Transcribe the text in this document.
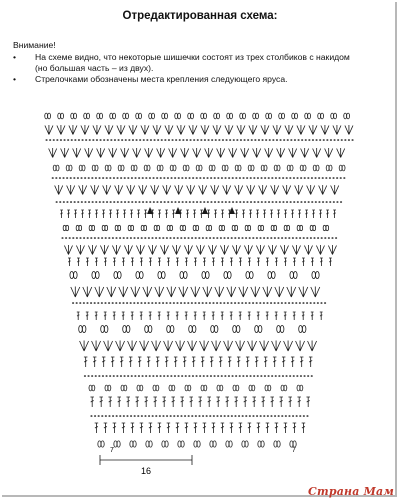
Отредактированная схема:
Внимание!
• На схеме видно, что некоторые шишечки состоят из трех столбиков с накидом
(но большая часть – из двух).
• Стрелочками обозначены места крепления следующего яруса.
16
7	7
Страна Мам
